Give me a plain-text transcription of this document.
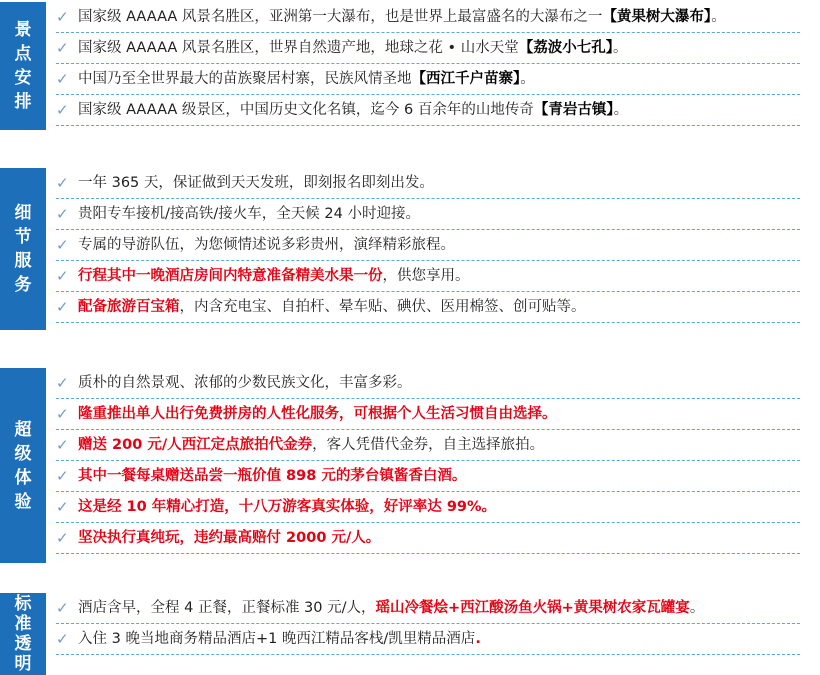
景点安排
✓ 国家级 AAAAA 风景名胜区，亚洲第一大瀑布，也是世界上最富盛名的大瀑布之一【黄果树大瀑布】。
✓ 国家级 AAAAA 风景名胜区，世界自然遗产地，地球之花 • 山水天堂【荔波小七孔】。
✓ 中国乃至全世界最大的苗族聚居村寨，民族风情圣地【西江千户苗寨】。
✓ 国家级 AAAAA 级景区，中国历史文化名镇，迄今 6 百余年的山地传奇【青岩古镇】。
细节服务
✓ 一年 365 天，保证做到天天发班，即刻报名即刻出发。
✓ 贵阳专车接机/接高铁/接火车，全天候 24 小时迎接。
✓ 专属的导游队伍，为您倾情述说多彩贵州，演绎精彩旅程。
✓ 行程其中一晚酒店房间内特意准备精美水果一份，供您享用。
✓ 配备旅游百宝箱，内含充电宝、自拍杆、晕车贴、碘伏、医用棉签、创可贴等。
超级体验
✓ 质朴的自然景观、浓郁的少数民族文化，丰富多彩。
✓ 隆重推出单人出行免费拼房的人性化服务，可根据个人生活习惯自由选择。
✓ 赠送 200 元/人西江定点旅拍代金券，客人凭借代金券，自主选择旅拍。
✓ 其中一餐每桌赠送品尝一瓶价值 898 元的茅台镇酱香白酒。
✓ 这是经 10 年精心打造，十八万游客真实体验，好评率达 99%。
✓ 坚决执行真纯玩，违约最高赔付 2000 元/人。
标准透明
✓ 酒店含早，全程 4 正餐，正餐标准 30 元/人，瑶山冷餐烩+西江酸汤鱼火锅+黄果树农家瓦罐宴。
✓ 入住 3 晚当地商务精品酒店+1 晚西江精品客栈/凯里精品酒店.
